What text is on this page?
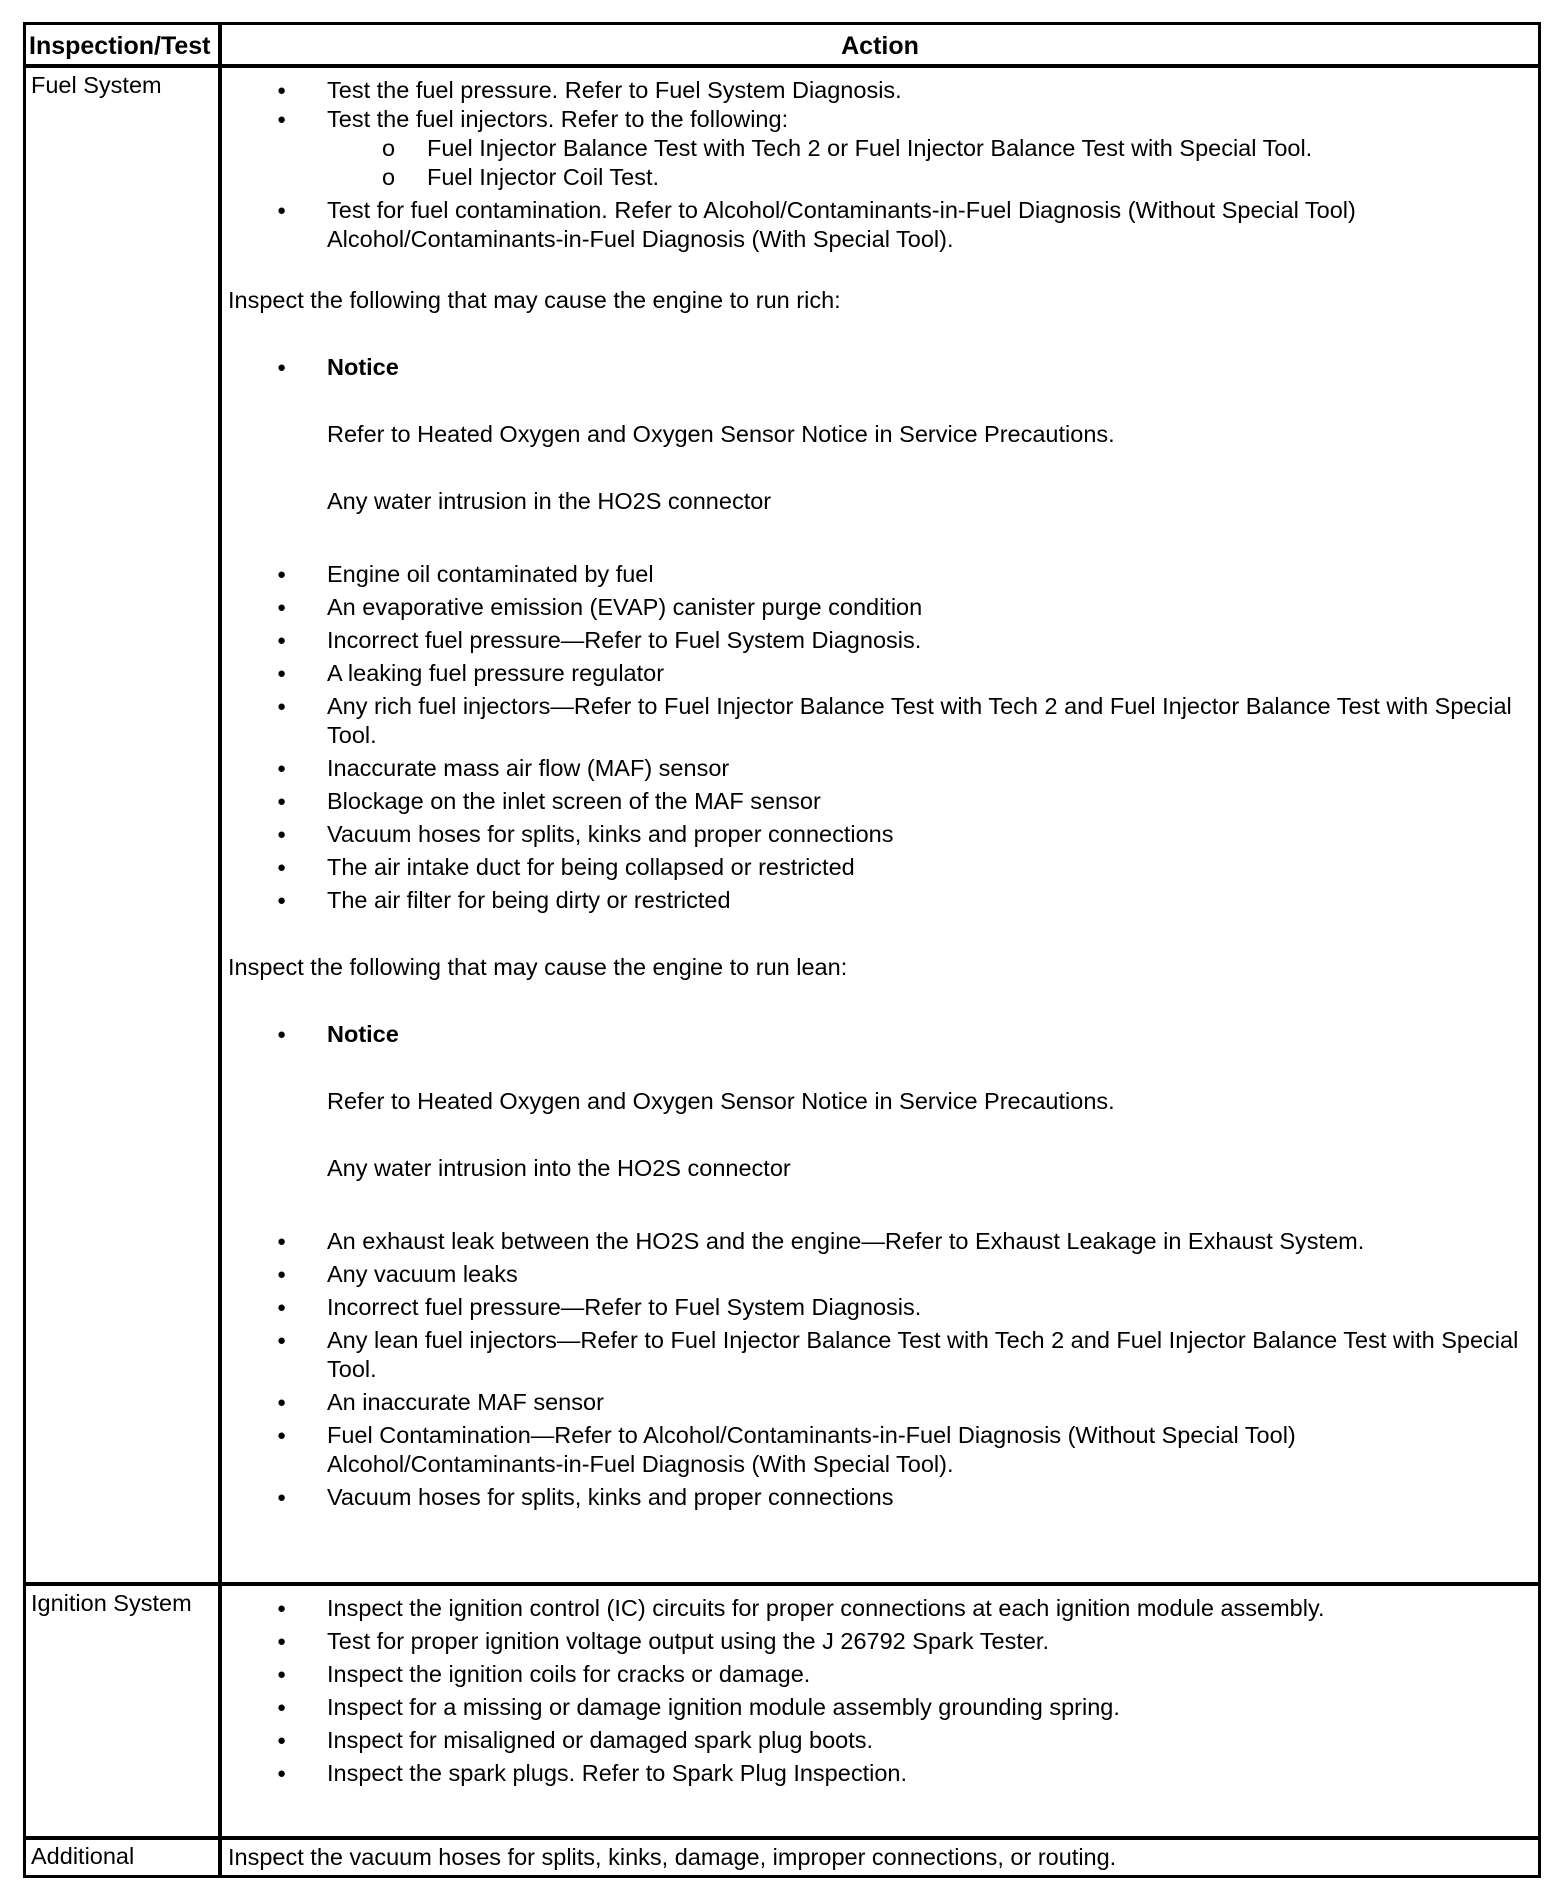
Inspection/Test	Action
Fuel System	● Test the fuel pressure. Refer to Fuel System Diagnosis.
● Test the fuel injectors. Refer to the following:
o Fuel Injector Balance Test with Tech 2 or Fuel Injector Balance Test with Special Tool.
o Fuel Injector Coil Test.
● Test for fuel contamination. Refer to Alcohol/Contaminants-in-Fuel Diagnosis (Without Special Tool) Alcohol/Contaminants-in-Fuel Diagnosis (With Special Tool).

Inspect the following that may cause the engine to run rich:

● Notice

Refer to Heated Oxygen and Oxygen Sensor Notice in Service Precautions.

Any water intrusion in the HO2S connector

● Engine oil contaminated by fuel
● An evaporative emission (EVAP) canister purge condition
● Incorrect fuel pressure—Refer to Fuel System Diagnosis.
● A leaking fuel pressure regulator
● Any rich fuel injectors—Refer to Fuel Injector Balance Test with Tech 2 and Fuel Injector Balance Test with Special Tool.
● Inaccurate mass air flow (MAF) sensor
● Blockage on the inlet screen of the MAF sensor
● Vacuum hoses for splits, kinks and proper connections
● The air intake duct for being collapsed or restricted
● The air filter for being dirty or restricted

Inspect the following that may cause the engine to run lean:

● Notice

Refer to Heated Oxygen and Oxygen Sensor Notice in Service Precautions.

Any water intrusion into the HO2S connector

● An exhaust leak between the HO2S and the engine—Refer to Exhaust Leakage in Exhaust System.
● Any vacuum leaks
● Incorrect fuel pressure—Refer to Fuel System Diagnosis.
● Any lean fuel injectors—Refer to Fuel Injector Balance Test with Tech 2 and Fuel Injector Balance Test with Special Tool.
● An inaccurate MAF sensor
● Fuel Contamination—Refer to Alcohol/Contaminants-in-Fuel Diagnosis (Without Special Tool) Alcohol/Contaminants-in-Fuel Diagnosis (With Special Tool).
● Vacuum hoses for splits, kinks and proper connections
Ignition System	● Inspect the ignition control (IC) circuits for proper connections at each ignition module assembly.
● Test for proper ignition voltage output using the J 26792 Spark Tester.
● Inspect the ignition coils for cracks or damage.
● Inspect for a missing or damage ignition module assembly grounding spring.
● Inspect for misaligned or damaged spark plug boots.
● Inspect the spark plugs. Refer to Spark Plug Inspection.
Additional	Inspect the vacuum hoses for splits, kinks, damage, improper connections, or routing.
